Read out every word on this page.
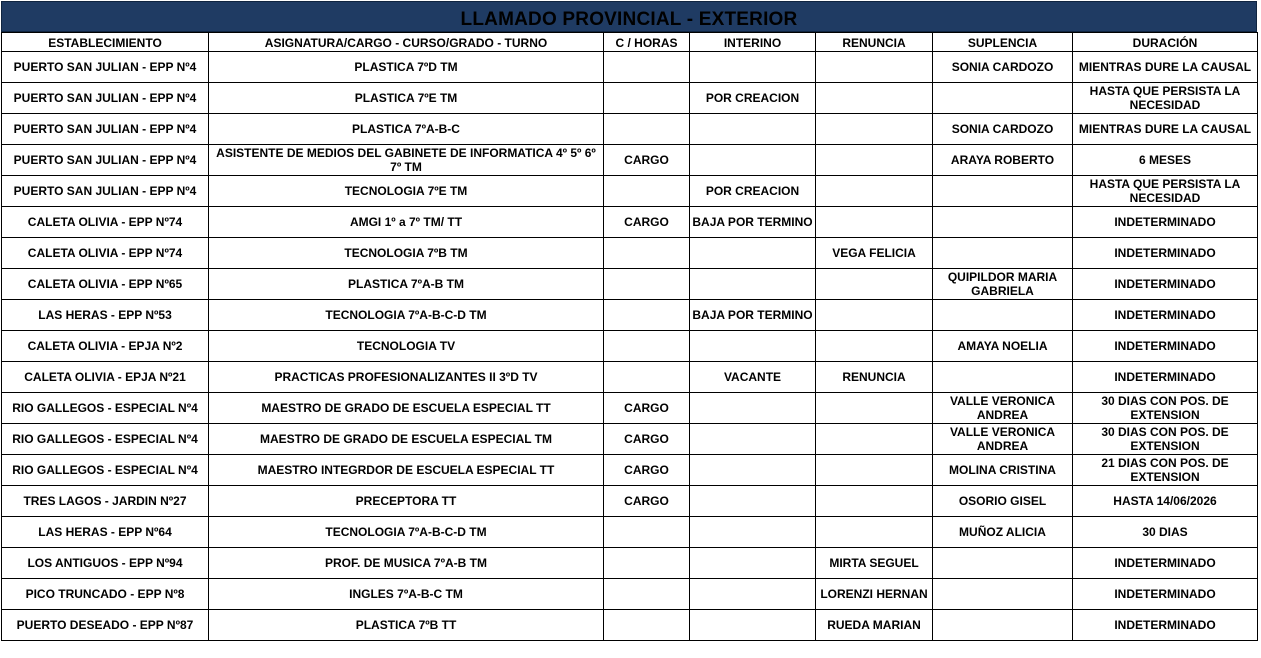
LLAMADO PROVINCIAL - EXTERIOR
ESTABLECIMIENTO	ASIGNATURA/CARGO - CURSO/GRADO - TURNO	C / HORAS	INTERINO	RENUNCIA	SUPLENCIA	DURACIÓN
PUERTO SAN JULIAN - EPP Nº4	PLASTICA 7ºD TM				SONIA CARDOZO	MIENTRAS DURE LA CAUSAL
PUERTO SAN JULIAN - EPP Nº4	PLASTICA 7ºE TM		POR CREACION			HASTA QUE PERSISTA LA NECESIDAD
PUERTO SAN JULIAN - EPP Nº4	PLASTICA 7ºA-B-C				SONIA CARDOZO	MIENTRAS DURE LA CAUSAL
PUERTO SAN JULIAN - EPP Nº4	ASISTENTE DE MEDIOS DEL GABINETE DE INFORMATICA 4º 5º 6º 7º TM	CARGO			ARAYA ROBERTO	6 MESES
PUERTO SAN JULIAN - EPP Nº4	TECNOLOGIA 7ºE TM		POR CREACION			HASTA QUE PERSISTA LA NECESIDAD
CALETA OLIVIA - EPP Nº74	AMGI 1º a 7º TM/ TT	CARGO	BAJA POR TERMINO			INDETERMINADO
CALETA OLIVIA - EPP Nº74	TECNOLOGIA 7ºB TM			VEGA FELICIA		INDETERMINADO
CALETA OLIVIA - EPP Nº65	PLASTICA 7ºA-B TM				QUIPILDOR MARIA GABRIELA	INDETERMINADO
LAS HERAS - EPP Nº53	TECNOLOGIA 7ºA-B-C-D TM		BAJA POR TERMINO			INDETERMINADO
CALETA OLIVIA - EPJA Nº2	TECNOLOGIA TV				AMAYA NOELIA	INDETERMINADO
CALETA OLIVIA - EPJA Nº21	PRACTICAS PROFESIONALIZANTES II 3ºD TV		VACANTE	RENUNCIA		INDETERMINADO
RIO GALLEGOS - ESPECIAL Nº4	MAESTRO DE GRADO DE ESCUELA ESPECIAL TT	CARGO			VALLE VERONICA ANDREA	30 DIAS CON POS. DE EXTENSION
RIO GALLEGOS - ESPECIAL Nº4	MAESTRO DE GRADO DE ESCUELA ESPECIAL TM	CARGO			VALLE VERONICA ANDREA	30 DIAS CON POS. DE EXTENSION
RIO GALLEGOS - ESPECIAL Nº4	MAESTRO INTEGRDOR DE ESCUELA ESPECIAL TT	CARGO			MOLINA CRISTINA	21 DIAS CON POS. DE EXTENSION
TRES LAGOS - JARDIN Nº27	PRECEPTORA TT	CARGO			OSORIO GISEL	HASTA 14/06/2026
LAS HERAS - EPP Nº64	TECNOLOGIA 7ºA-B-C-D TM				MUÑOZ ALICIA	30 DIAS
LOS ANTIGUOS - EPP Nº94	PROF. DE MUSICA 7ºA-B TM			MIRTA SEGUEL		INDETERMINADO
PICO TRUNCADO - EPP Nº8	INGLES 7ºA-B-C TM			LORENZI HERNAN		INDETERMINADO
PUERTO DESEADO - EPP Nº87	PLASTICA 7ºB TT			RUEDA MARIAN		INDETERMINADO
